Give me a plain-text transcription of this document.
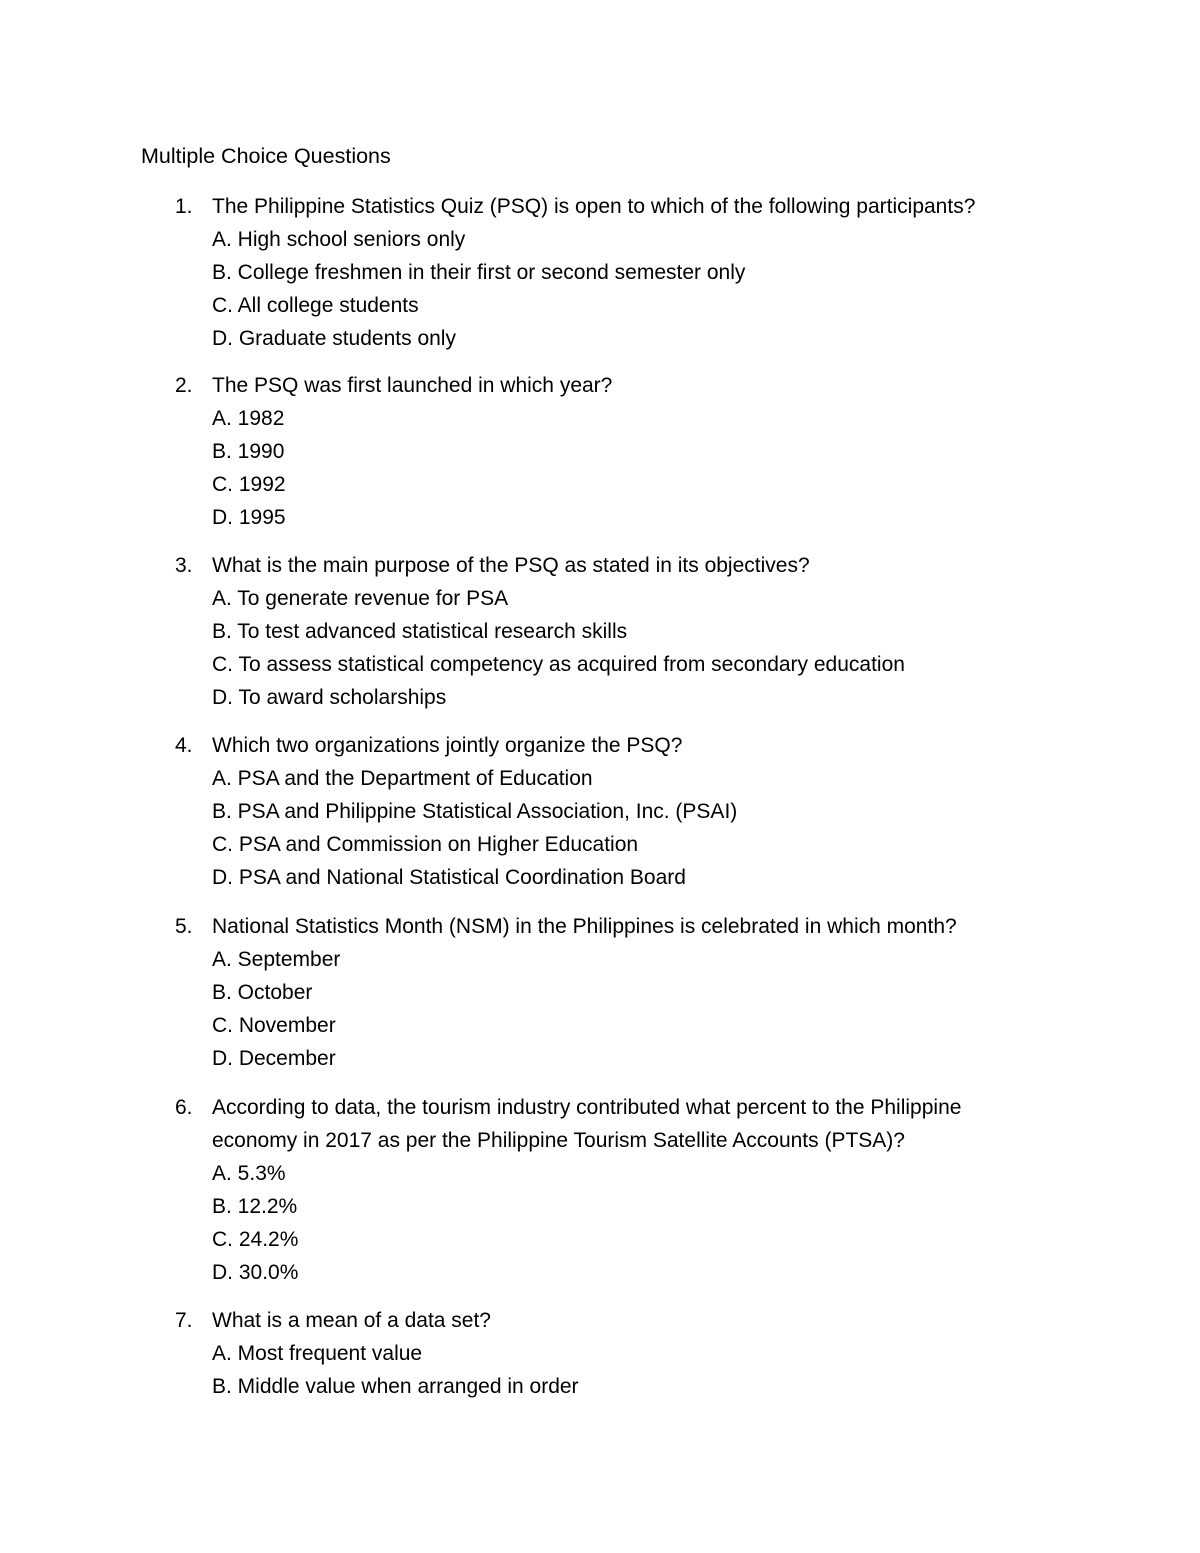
Multiple Choice Questions
1. The Philippine Statistics Quiz (PSQ) is open to which of the following participants?
A. High school seniors only
B. College freshmen in their first or second semester only
C. All college students
D. Graduate students only
2. The PSQ was first launched in which year?
A. 1982
B. 1990
C. 1992
D. 1995
3. What is the main purpose of the PSQ as stated in its objectives?
A. To generate revenue for PSA
B. To test advanced statistical research skills
C. To assess statistical competency as acquired from secondary education
D. To award scholarships
4. Which two organizations jointly organize the PSQ?
A. PSA and the Department of Education
B. PSA and Philippine Statistical Association, Inc. (PSAI)
C. PSA and Commission on Higher Education
D. PSA and National Statistical Coordination Board
5. National Statistics Month (NSM) in the Philippines is celebrated in which month?
A. September
B. October
C. November
D. December
6. According to data, the tourism industry contributed what percent to the Philippine
economy in 2017 as per the Philippine Tourism Satellite Accounts (PTSA)?
A. 5.3%
B. 12.2%
C. 24.2%
D. 30.0%
7. What is a mean of a data set?
A. Most frequent value
B. Middle value when arranged in order
